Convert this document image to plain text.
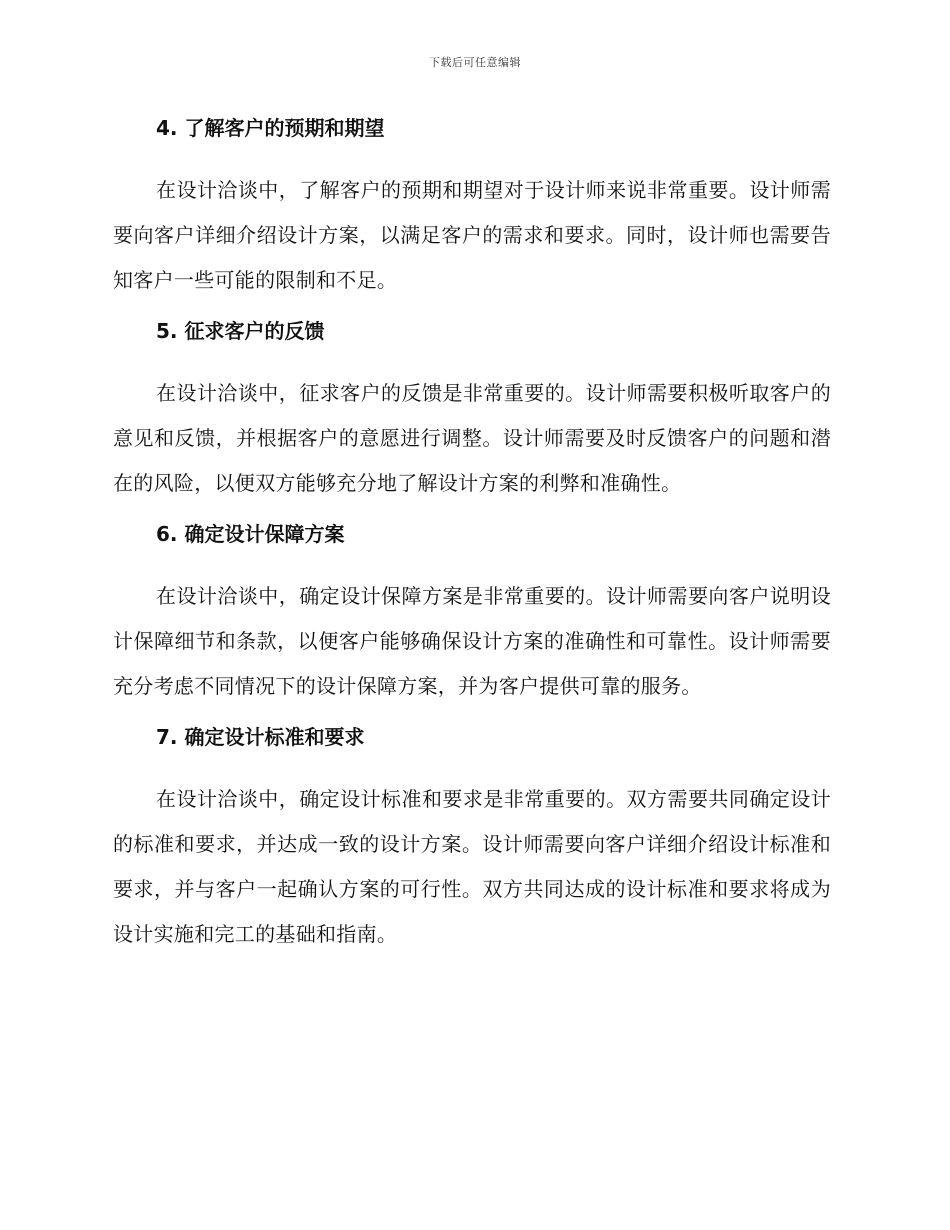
下载后可任意编辑
4. 了解客户的预期和期望

在设计洽谈中，了解客户的预期和期望对于设计师来说非常重要。设计师需要向客户详细介绍设计方案，以满足客户的需求和要求。同时，设计师也需要告知客户一些可能的限制和不足。

5. 征求客户的反馈

在设计洽谈中，征求客户的反馈是非常重要的。设计师需要积极听取客户的意见和反馈，并根据客户的意愿进行调整。设计师需要及时反馈客户的问题和潜在的风险，以便双方能够充分地了解设计方案的利弊和准确性。

6. 确定设计保障方案

在设计洽谈中，确定设计保障方案是非常重要的。设计师需要向客户说明设计保障细节和条款，以便客户能够确保设计方案的准确性和可靠性。设计师需要充分考虑不同情况下的设计保障方案，并为客户提供可靠的服务。

7. 确定设计标准和要求

在设计洽谈中，确定设计标准和要求是非常重要的。双方需要共同确定设计的标准和要求，并达成一致的设计方案。设计师需要向客户详细介绍设计标准和要求，并与客户一起确认方案的可行性。双方共同达成的设计标准和要求将成为设计实施和完工的基础和指南。
